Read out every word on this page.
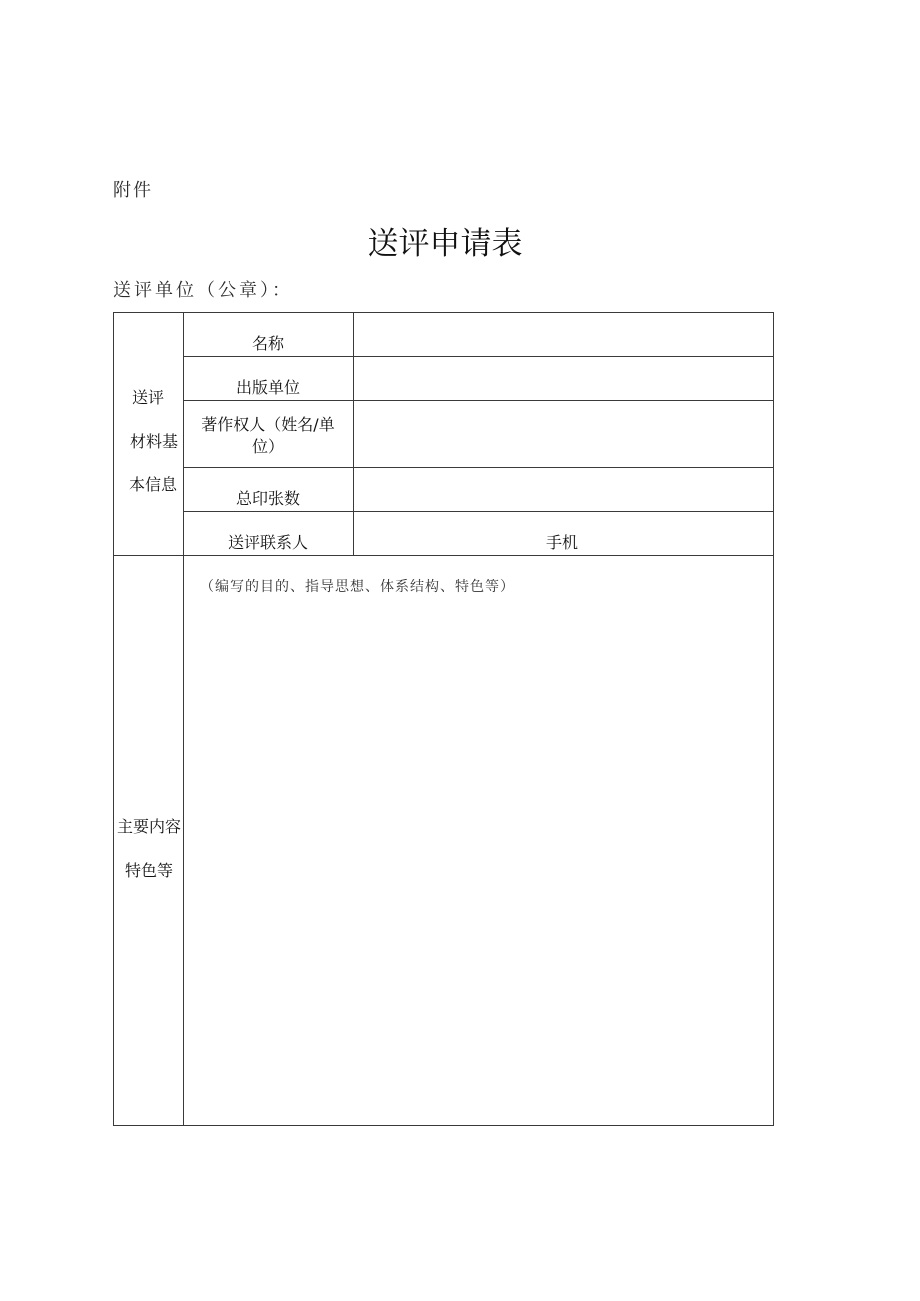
附件
送评申请表
送评单位（公章）：
送评
材料基
本信息
名称
出版单位
著作权人（姓名/单
位）
总印张数
送评联系人	手机
主要内容
特色等
（编写的目的、指导思想、体系结构、特色等）
